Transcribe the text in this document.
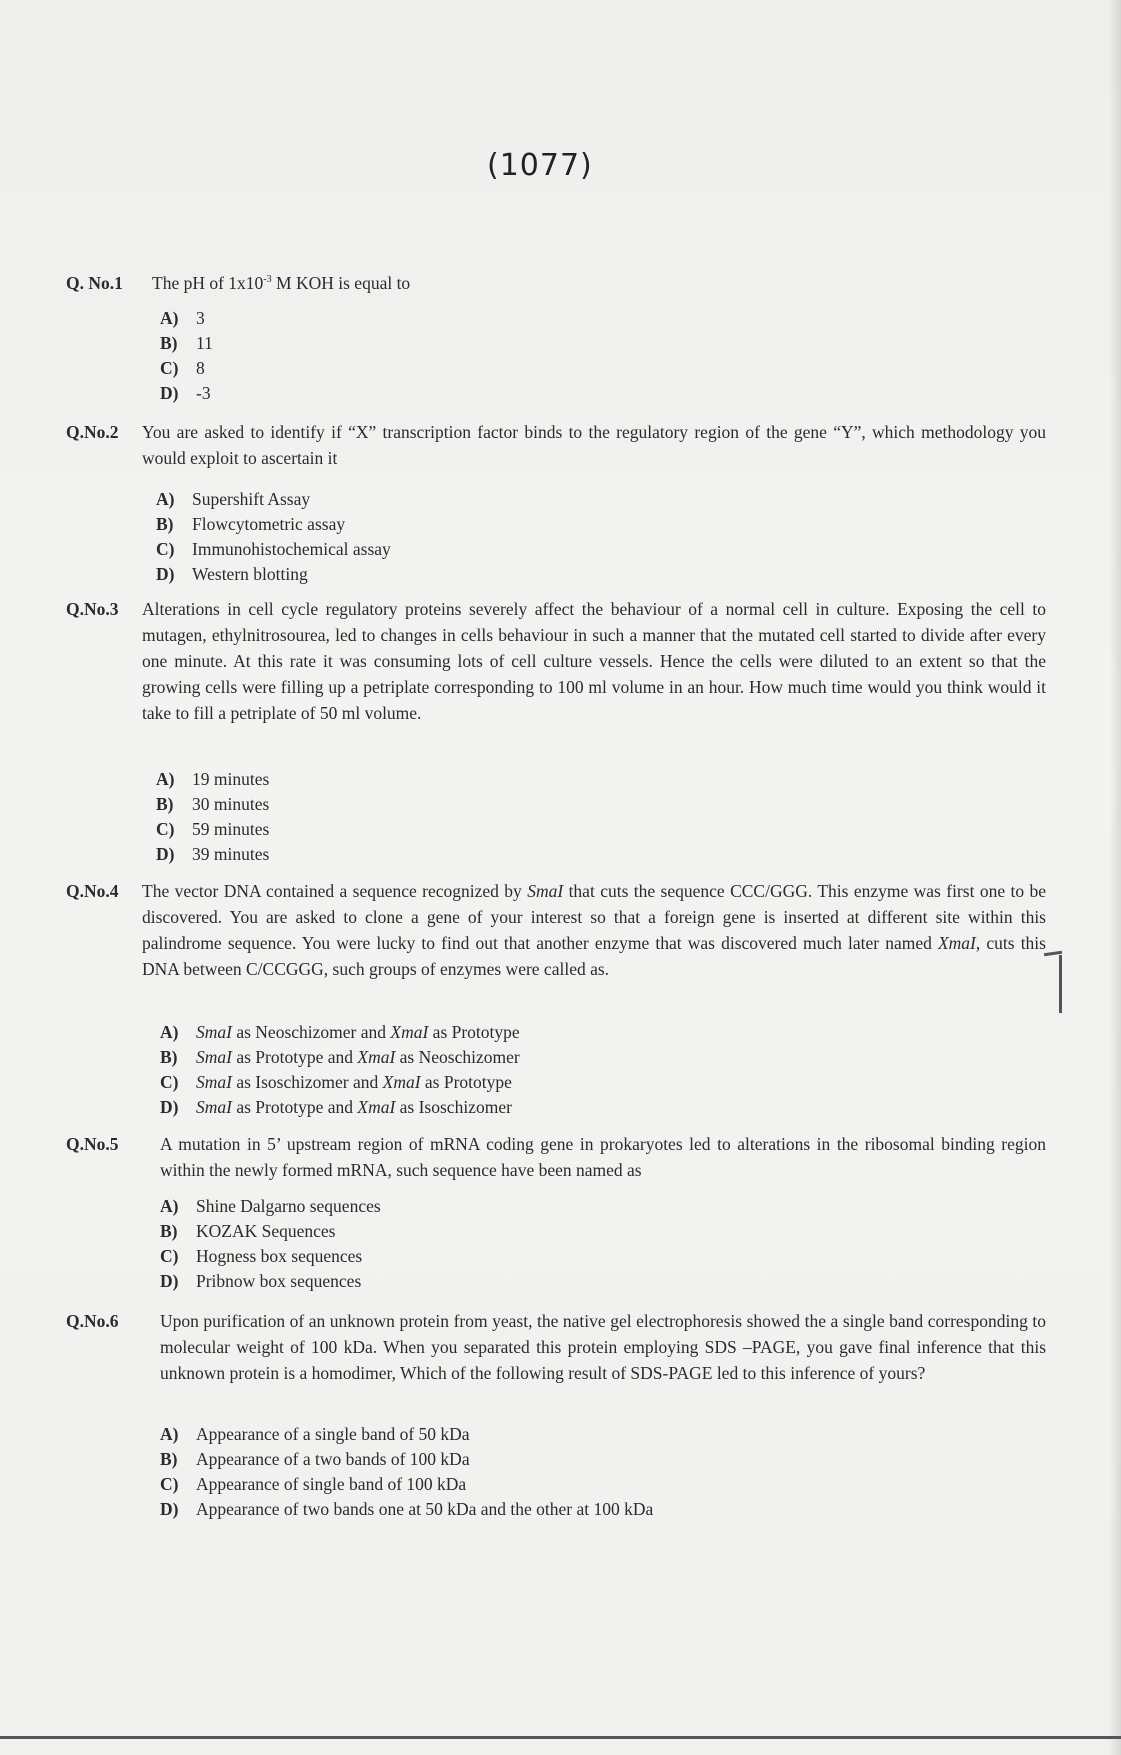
(1077)
Q. No.1 The pH of $1x10^{-3}$ M KOH is equal to
A)	3
B)	11
C)	8
D)	-3
Q.No.2 You are asked to identify if “X” transcription factor binds to the regulatory region of the gene “Y”, which methodology you would exploit to ascertain it
A)	Supershift Assay
B)	Flowcytometric assay
C)	Immunohistochemical assay
D)	Western blotting
Q.No.3 Alterations in cell cycle regulatory proteins severely affect the behaviour of a normal cell in culture. Exposing the cell to mutagen, ethylnitrosourea, led to changes in cells behaviour in such a manner that the mutated cell started to divide after every one minute. At this rate it was consuming lots of cell culture vessels. Hence the cells were diluted to an extent so that the growing cells were filling up a petriplate corresponding to 100 ml volume in an hour. How much time would you think would it take to fill a petriplate of 50 ml volume.
A)	19 minutes
B)	30 minutes
C)	59 minutes
D)	39 minutes
Q.No.4 The vector DNA contained a sequence recognized by SmaI that cuts the sequence CCC/GGG. This enzyme was first one to be discovered. You are asked to clone a gene of your interest so that a foreign gene is inserted at different site within this palindrome sequence. You were lucky to find out that another enzyme that was discovered much later named XmaI, cuts this DNA between C/CCGGG, such groups of enzymes were called as.
A)	SmaI as Neoschizomer and XmaI as Prototype
B)	SmaI as Prototype and XmaI as Neoschizomer
C)	SmaI as Isoschizomer and XmaI as Prototype
D)	SmaI as Prototype and XmaI as Isoschizomer
Q.No.5 A mutation in 5’ upstream region of mRNA coding gene in prokaryotes led to alterations in the ribosomal binding region within the newly formed mRNA, such sequence have been named as
A)	Shine Dalgarno sequences
B)	KOZAK Sequences
C)	Hogness box sequences
D)	Pribnow box sequences
Q.No.6 Upon purification of an unknown protein from yeast, the native gel electrophoresis showed the a single band corresponding to molecular weight of 100 kDa. When you separated this protein employing SDS –PAGE, you gave final inference that this unknown protein is a homodimer, Which of the following result of SDS-PAGE led to this inference of yours?
A)	Appearance of a single band of 50 kDa
B)	Appearance of a two bands of 100 kDa
C)	Appearance of single band of 100 kDa
D)	Appearance of two bands one at 50 kDa and the other at 100 kDa
